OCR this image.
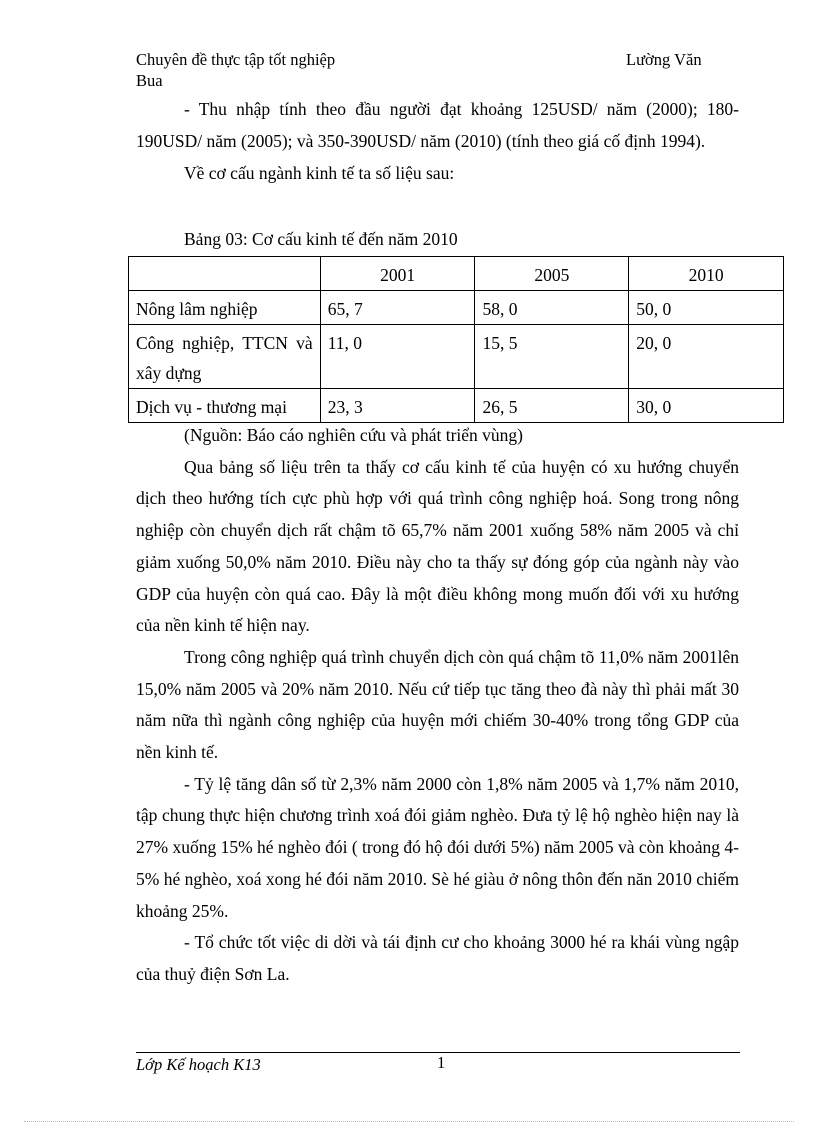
Chuyên đề thực tập tốt nghiệp	Lường Văn
Bua

- Thu nhập tính theo đầu người đạt khoảng 125USD/ năm (2000); 180-190USD/ năm (2005); và 350-390USD/ năm (2010) (tính theo giá cố định 1994).

Về cơ cấu ngành kinh tế ta số liệu sau:

Bảng 03: Cơ cấu kinh tế đến năm 2010
	2001	2005	2010
Nông lâm nghiệp	65, 7	58, 0	50, 0
Công nghiệp, TTCN và xây dựng	11, 0	15, 5	20, 0
Dịch vụ - thương mại	23, 3	26, 5	30, 0

(Nguồn: Báo cáo nghiên cứu và phát triển vùng)

Qua bảng số liệu trên ta thấy cơ cấu kinh tế của huyện có xu hướng chuyển dịch theo hướng tích cực phù hợp với quá trình công nghiệp hoá. Song trong nông nghiệp còn chuyển dịch rất chậm tõ 65,7% năm 2001 xuống 58% năm 2005 và chỉ giảm xuống 50,0% năm 2010. Điều này cho ta thấy sự đóng góp của ngành này vào GDP của huyện còn quá cao. Đây là một điều không mong muốn đối với xu hướng của nền kinh tế hiện nay.

Trong công nghiệp quá trình chuyển dịch còn quá chậm tõ 11,0% năm 2001lên 15,0% năm 2005 và 20% năm 2010. Nếu cứ tiếp tục tăng theo đà này thì phải mất 30 năm nữa thì ngành công nghiệp của huyện mới chiếm 30-40% trong tổng GDP của nền kinh tế.

- Tỷ lệ tăng dân số từ 2,3% năm 2000 còn 1,8% năm 2005 và 1,7% năm 2010, tập chung thực hiện chương trình xoá đói giảm nghèo. Đưa tỷ lệ hộ nghèo hiện nay là 27% xuống 15% hé nghèo đói ( trong đó hộ đói dưới 5%) năm 2005 và còn khoảng 4-5% hé nghèo, xoá xong hé đói năm 2010. Sè hé giàu ở nông thôn đến năn 2010 chiếm khoảng 25%.

- Tổ chức tốt việc di dời và tái định cư cho khoảng 3000 hé ra khái vùng ngập của thuỷ điện Sơn La.

Lớp Kế hoạch K13	1
